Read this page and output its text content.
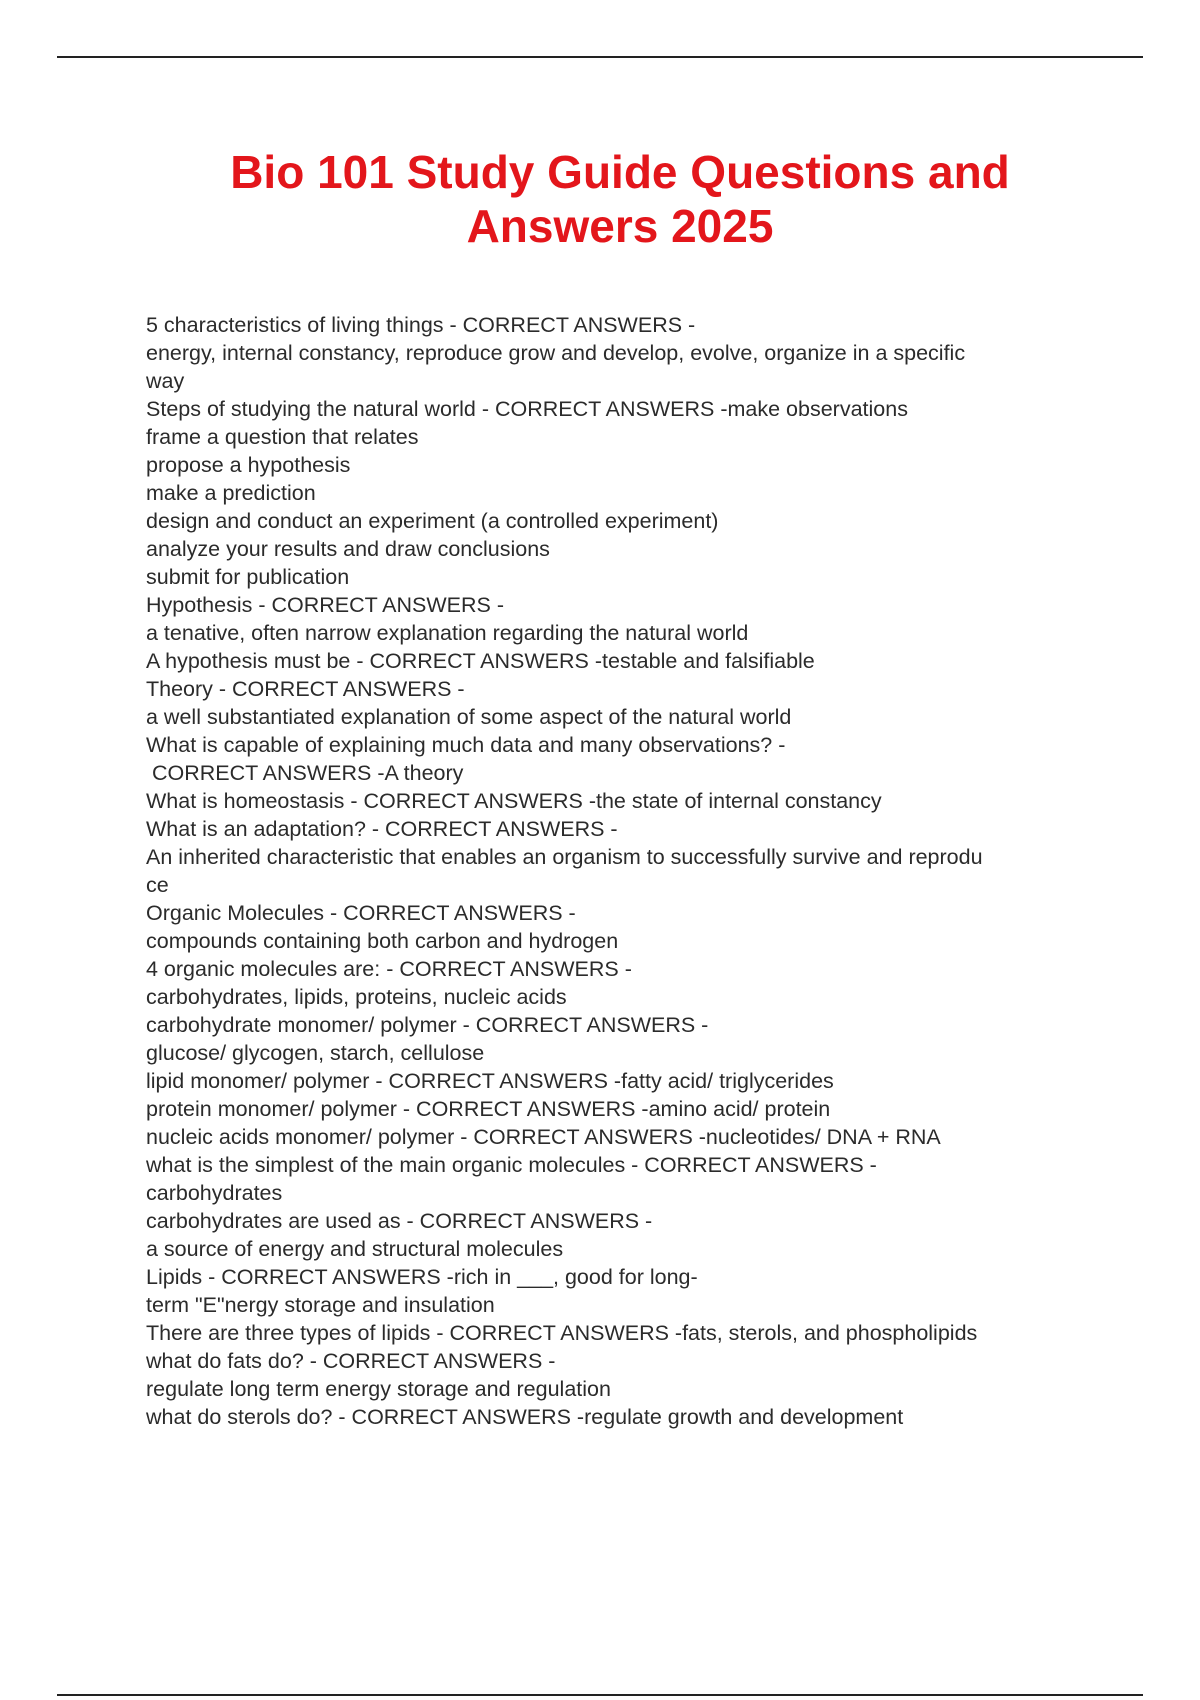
Bio 101 Study Guide Questions and
Answers 2025
5 characteristics of living things - CORRECT ANSWERS -
energy, internal constancy, reproduce grow and develop, evolve, organize in a specific
way
Steps of studying the natural world - CORRECT ANSWERS -make observations
frame a question that relates
propose a hypothesis
make a prediction
design and conduct an experiment (a controlled experiment)
analyze your results and draw conclusions
submit for publication
Hypothesis - CORRECT ANSWERS -
a tenative, often narrow explanation regarding the natural world
A hypothesis must be - CORRECT ANSWERS -testable and falsifiable
Theory - CORRECT ANSWERS -
a well substantiated explanation of some aspect of the natural world
What is capable of explaining much data and many observations? -
CORRECT ANSWERS -A theory
What is homeostasis - CORRECT ANSWERS -the state of internal constancy
What is an adaptation? - CORRECT ANSWERS -
An inherited characteristic that enables an organism to successfully survive and reprodu
ce
Organic Molecules - CORRECT ANSWERS -
compounds containing both carbon and hydrogen
4 organic molecules are: - CORRECT ANSWERS -
carbohydrates, lipids, proteins, nucleic acids
carbohydrate monomer/ polymer - CORRECT ANSWERS -
glucose/ glycogen, starch, cellulose
lipid monomer/ polymer - CORRECT ANSWERS -fatty acid/ triglycerides
protein monomer/ polymer - CORRECT ANSWERS -amino acid/ protein
nucleic acids monomer/ polymer - CORRECT ANSWERS -nucleotides/ DNA + RNA
what is the simplest of the main organic molecules - CORRECT ANSWERS -
carbohydrates
carbohydrates are used as - CORRECT ANSWERS -
a source of energy and structural molecules
Lipids - CORRECT ANSWERS -rich in ___, good for long-
term "E"nergy storage and insulation
There are three types of lipids - CORRECT ANSWERS -fats, sterols, and phospholipids
what do fats do? - CORRECT ANSWERS -
regulate long term energy storage and regulation
what do sterols do? - CORRECT ANSWERS -regulate growth and development
